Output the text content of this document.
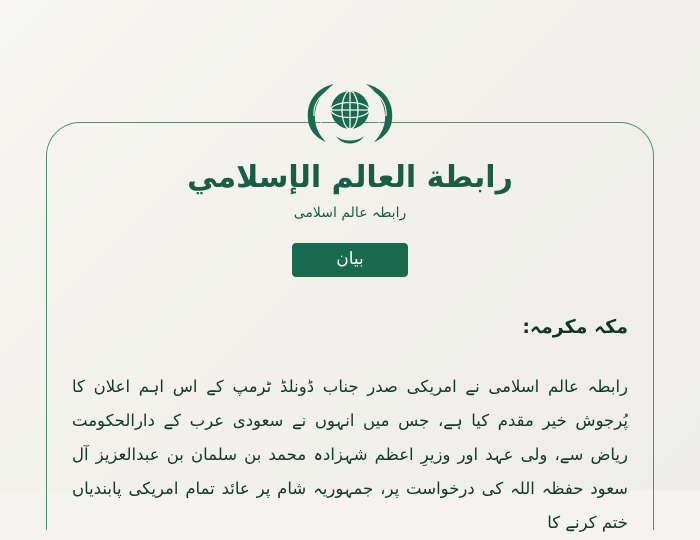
رابطة العالم الإسلامي
رابطہ عالم اسلامی
بیان
مکہ مکرمہ:

رابطہ عالم اسلامی نے امریکی صدر جناب ڈونلڈ ٹرمپ کے اس اہم اعلان کا پُرجوش خیر مقدم کیا ہے، جس میں انہوں نے سعودی عرب کے دارالحکومت ریاض سے، ولی عہد اور وزیرِ اعظم شہزادہ محمد بن سلمان بن عبدالعزیز آل سعود حفظہ اللہ کی درخواست پر، جمہوریہ شام پر عائد تمام امریکی پابندیاں ختم کرنے کا
